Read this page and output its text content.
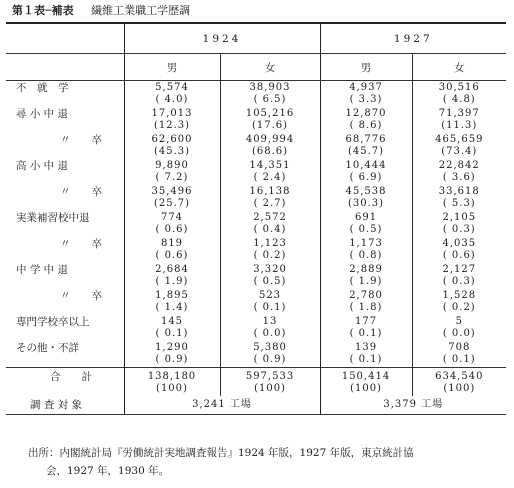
第１表─補表 繊維工業職工学歴調
	1924		1927	
	男	女	男	女
不　就　学	5,574	38,903	4,937	30,516
	( 4.0)	( 6.5)	( 3.3)	( 4.8)
尋 小 中 退	17,013	105,216	12,870	71,397
	(12.3)	(17.6)	( 8.6)	(11.3)
〃　　卒	62,600	409,994	68,776	465,659
	(45.3)	(68.6)	(45.7)	(73.4)
高 小 中 退	9,890	14,351	10,444	22,842
	( 7.2)	( 2.4)	( 6.9)	( 3.6)
〃　　卒	35,496	16,138	45,538	33,618
	(25.7)	( 2.7)	(30.3)	( 5.3)
実業補習校中退	774	2,572	691	2,105
	( 0.6)	( 0.4)	( 0.5)	( 0.3)
〃　　卒	819	1,123	1,173	4,035
	( 0.6)	( 0.2)	( 0.8)	( 0.6)
中 学 中 退	2,684	3,320	2,889	2,127
	( 1.9)	( 0.5)	( 1.9)	( 0.3)
〃　　卒	1,895	523	2,780	1,528
	( 1.4)	( 0.1)	( 1.8)	( 0.2)
専門学校卒以上	145	13	177	5
	( 0.1)	( 0.0)	( 0.1)	( 0.0)
その他・不詳	1,290	5,380	139	708
	( 0.9)	( 0.9)	( 0.1)	( 0.1)
合　　計	138,180	597,533	150,414	634,540
	(100)	(100)	(100)	(100)
調 査 対 象	3,241 工場		3,379 工場	
出所：内閣統計局『労働統計実地調査報告』1924 年版，1927 年版，東京統計協
会，1927 年，1930 年。
